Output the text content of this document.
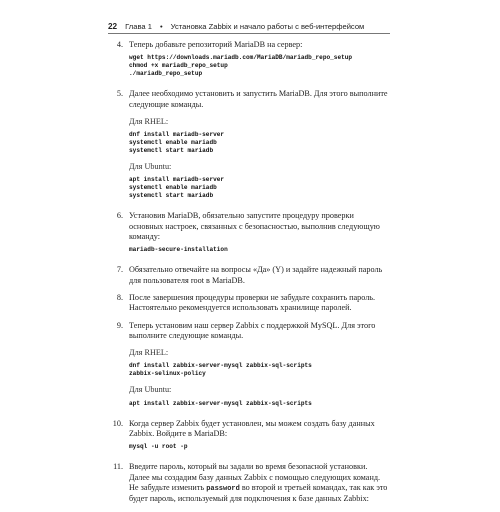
22 Глава 1 • Установка Zabbix и начало работы с веб-интерфейсом
4. Теперь добавьте репозиторий MariaDB на сервер:

wget https://downloads.mariadb.com/MariaDB/mariadb_repo_setup
chmod +x mariadb_repo_setup
./mariadb_repo_setup
5. Далее необходимо установить и запустить MariaDB. Для этого выполните следующие команды.

Для RHEL:

dnf install mariadb-server
systemctl enable mariadb
systemctl start mariadb

Для Ubuntu:

apt install mariadb-server
systemctl enable mariadb
systemctl start mariadb
6. Установив MariaDB, обязательно запустите процедуру проверки основных настроек, связанных с безопасностью, выполнив следующую команду:

mariadb-secure-installation
7. Обязательно отвечайте на вопросы «Да» (Y) и задайте надежный пароль для пользователя root в MariaDB.

8. После завершения процедуры проверки не забудьте сохранить пароль. Настоятельно рекомендуется использовать хранилище паролей.

9. Теперь установим наш сервер Zabbix с поддержкой MySQL. Для этого выполните следующие команды.

Для RHEL:

dnf install zabbix-server-mysql zabbix-sql-scripts
zabbix-selinux-policy

Для Ubuntu:

apt install zabbix-server-mysql zabbix-sql-scripts
10. Когда сервер Zabbix будет установлен, мы можем создать базу данных Zabbix. Войдите в MariaDB:

mysql -u root -p
11. Введите пароль, который вы задали во время безопасной установки. Далее мы создадим базу данных Zabbix с помощью следующих команд. Не забудьте изменить password во второй и третьей командах, так как это будет пароль, используемый для подключения к базе данных Zabbix:
